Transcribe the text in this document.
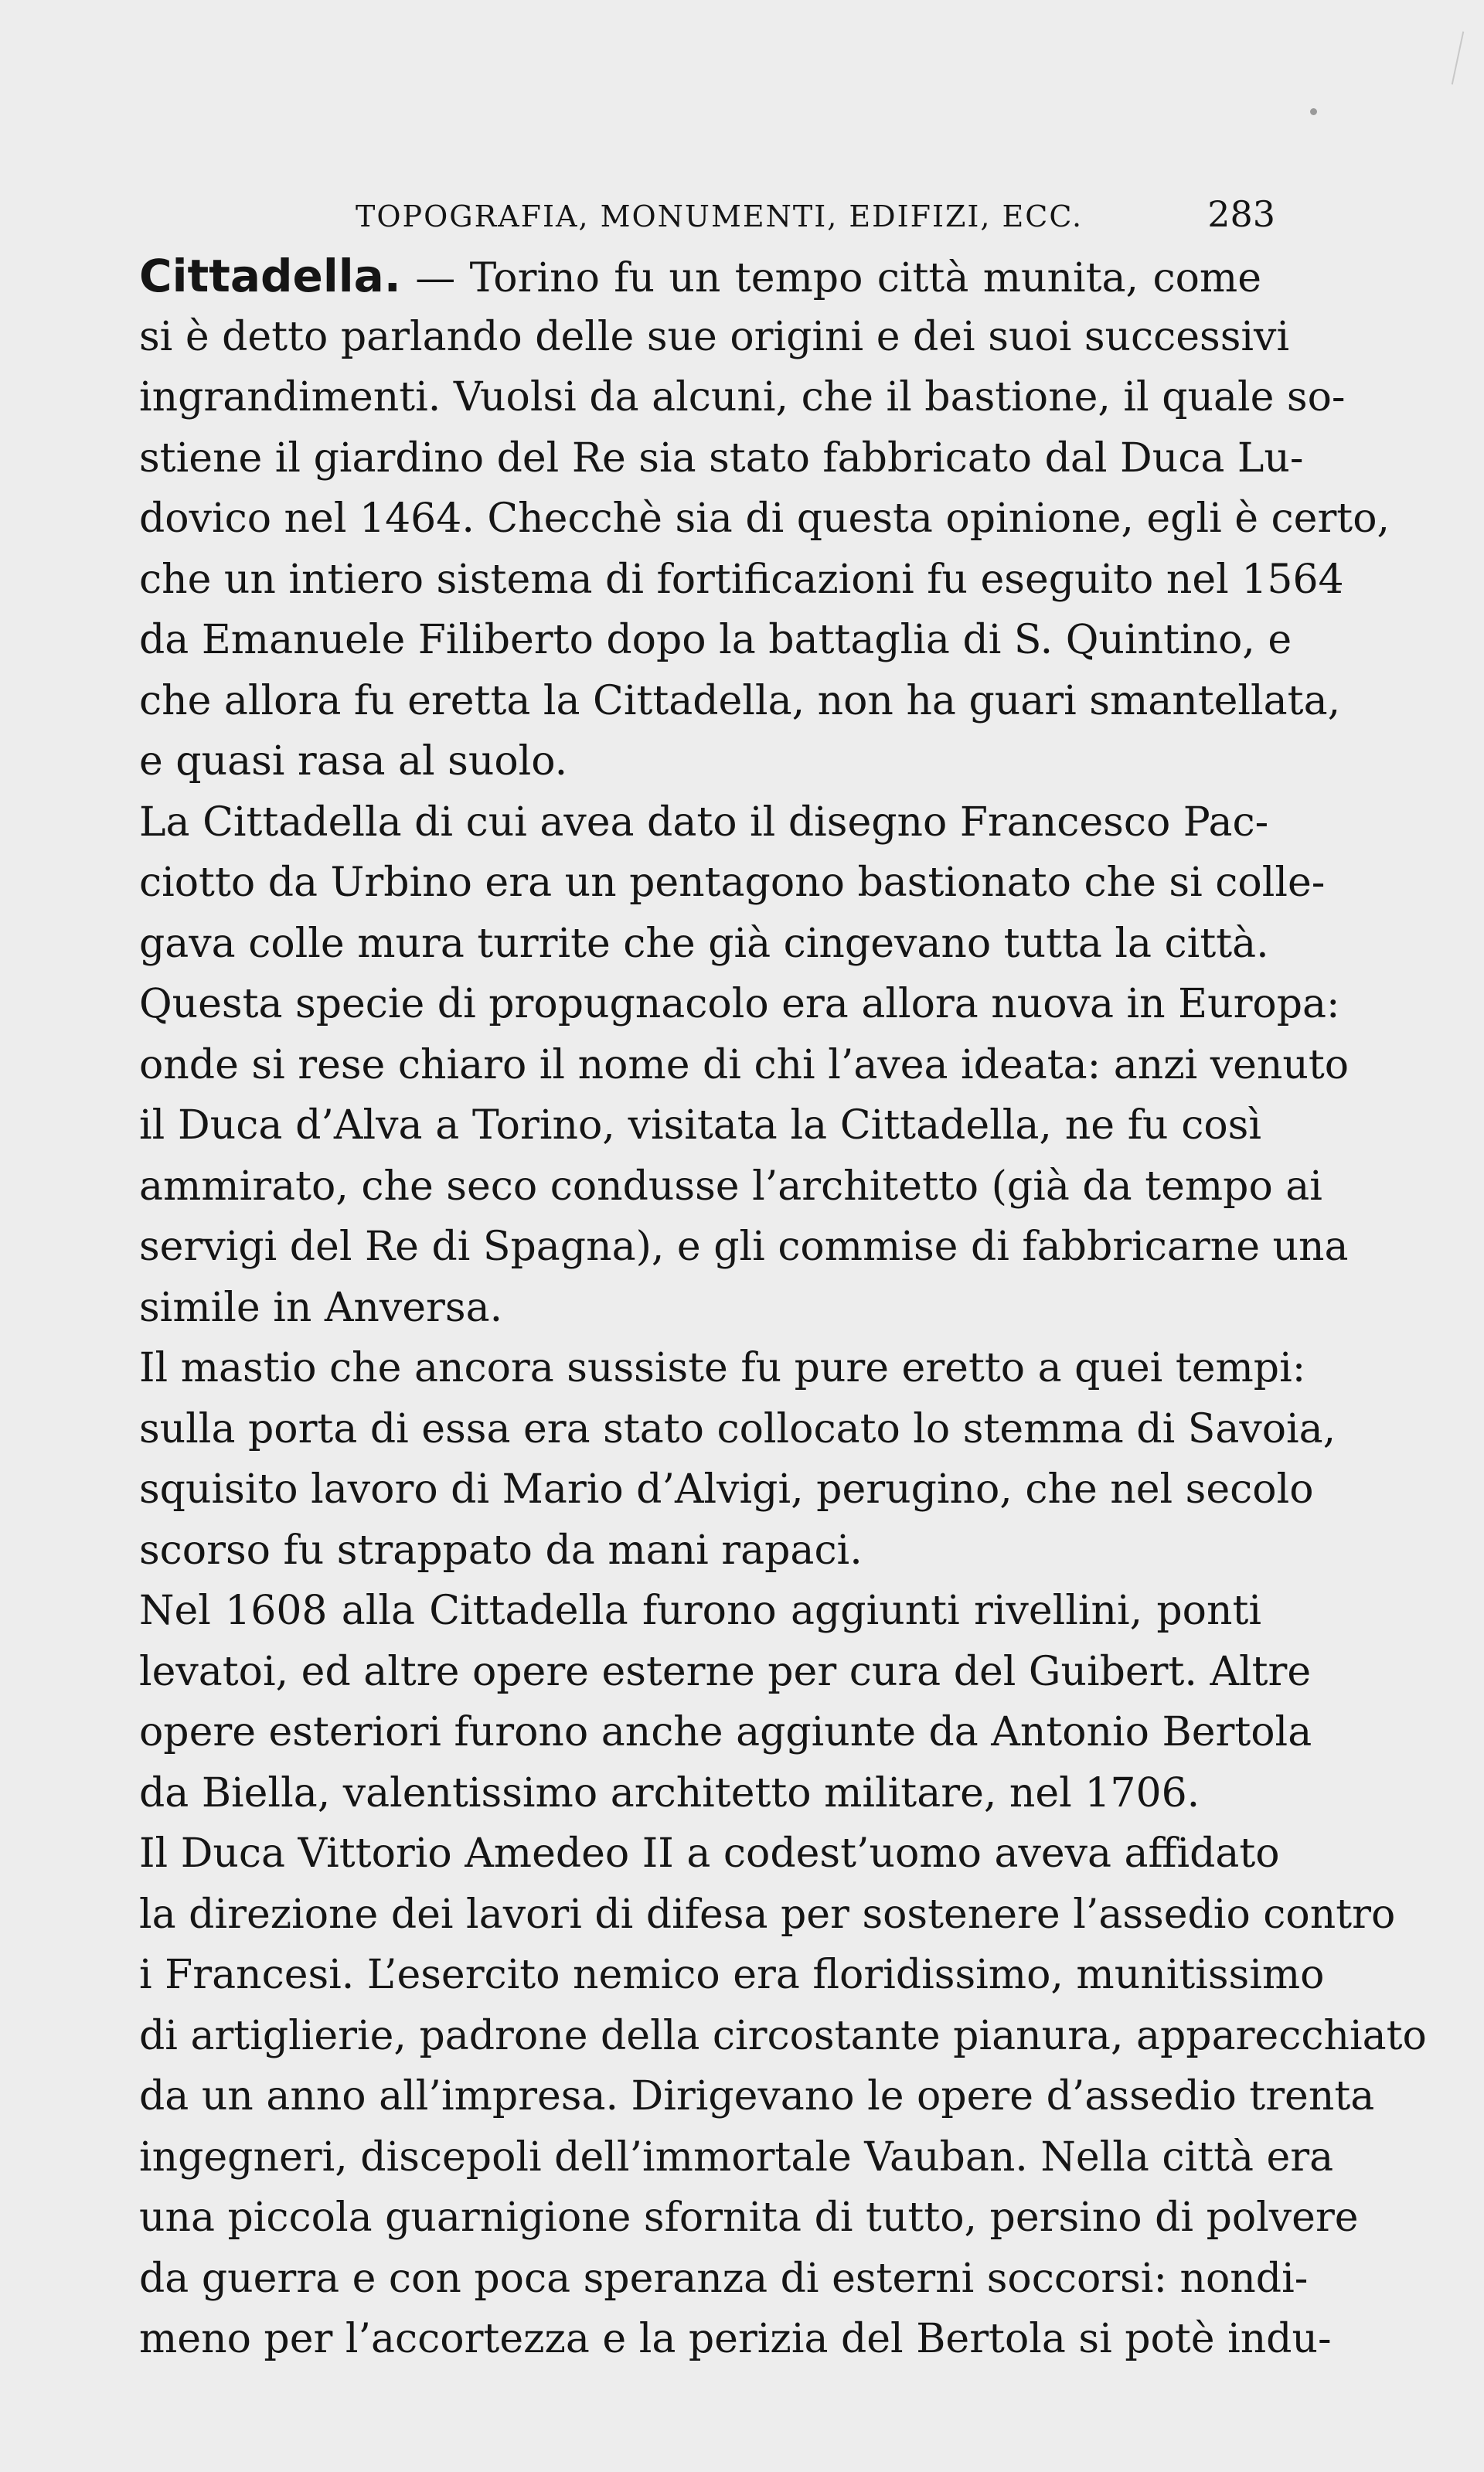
TOPOGRAFIA, MONUMENTI, EDIFIZI, ECC.	283
Cittadella. — Torino fu un tempo città munita, come
si è detto parlando delle sue origini e dei suoi successivi
ingrandimenti. Vuolsi da alcuni, che il bastione, il quale so-
stiene il giardino del Re sia stato fabbricato dal Duca Lu-
dovico nel 1464. Checchè sia di questa opinione, egli è certo,
che un intiero sistema di fortificazioni fu eseguito nel 1564
da Emanuele Filiberto dopo la battaglia di S. Quintino, e
che allora fu eretta la Cittadella, non ha guari smantellata,
e quasi rasa al suolo.
La Cittadella di cui avea dato il disegno Francesco Pac-
ciotto da Urbino era un pentagono bastionato che si colle-
gava colle mura turrite che già cingevano tutta la città.
Questa specie di propugnacolo era allora nuova in Europa:
onde si rese chiaro il nome di chi l’avea ideata: anzi venuto
il Duca d’Alva a Torino, visitata la Cittadella, ne fu così
ammirato, che seco condusse l’architetto (già da tempo ai
servigi del Re di Spagna), e gli commise di fabbricarne una
simile in Anversa.
Il mastio che ancora sussiste fu pure eretto a quei tempi:
sulla porta di essa era stato collocato lo stemma di Savoia,
squisito lavoro di Mario d’Alvigi, perugino, che nel secolo
scorso fu strappato da mani rapaci.
Nel 1608 alla Cittadella furono aggiunti rivellini, ponti
levatoi, ed altre opere esterne per cura del Guibert. Altre
opere esteriori furono anche aggiunte da Antonio Bertola
da Biella, valentissimo architetto militare, nel 1706.
Il Duca Vittorio Amedeo II a codest’uomo aveva affidato
la direzione dei lavori di difesa per sostenere l’assedio contro
i Francesi. L’esercito nemico era floridissimo, munitissimo
di artiglierie, padrone della circostante pianura, apparecchiato
da un anno all’impresa. Dirigevano le opere d’assedio trenta
ingegneri, discepoli dell’immortale Vauban. Nella città era
una piccola guarnigione sfornita di tutto, persino di polvere
da guerra e con poca speranza di esterni soccorsi: nondi-
meno per l’accortezza e la perizia del Bertola si potè indu-
